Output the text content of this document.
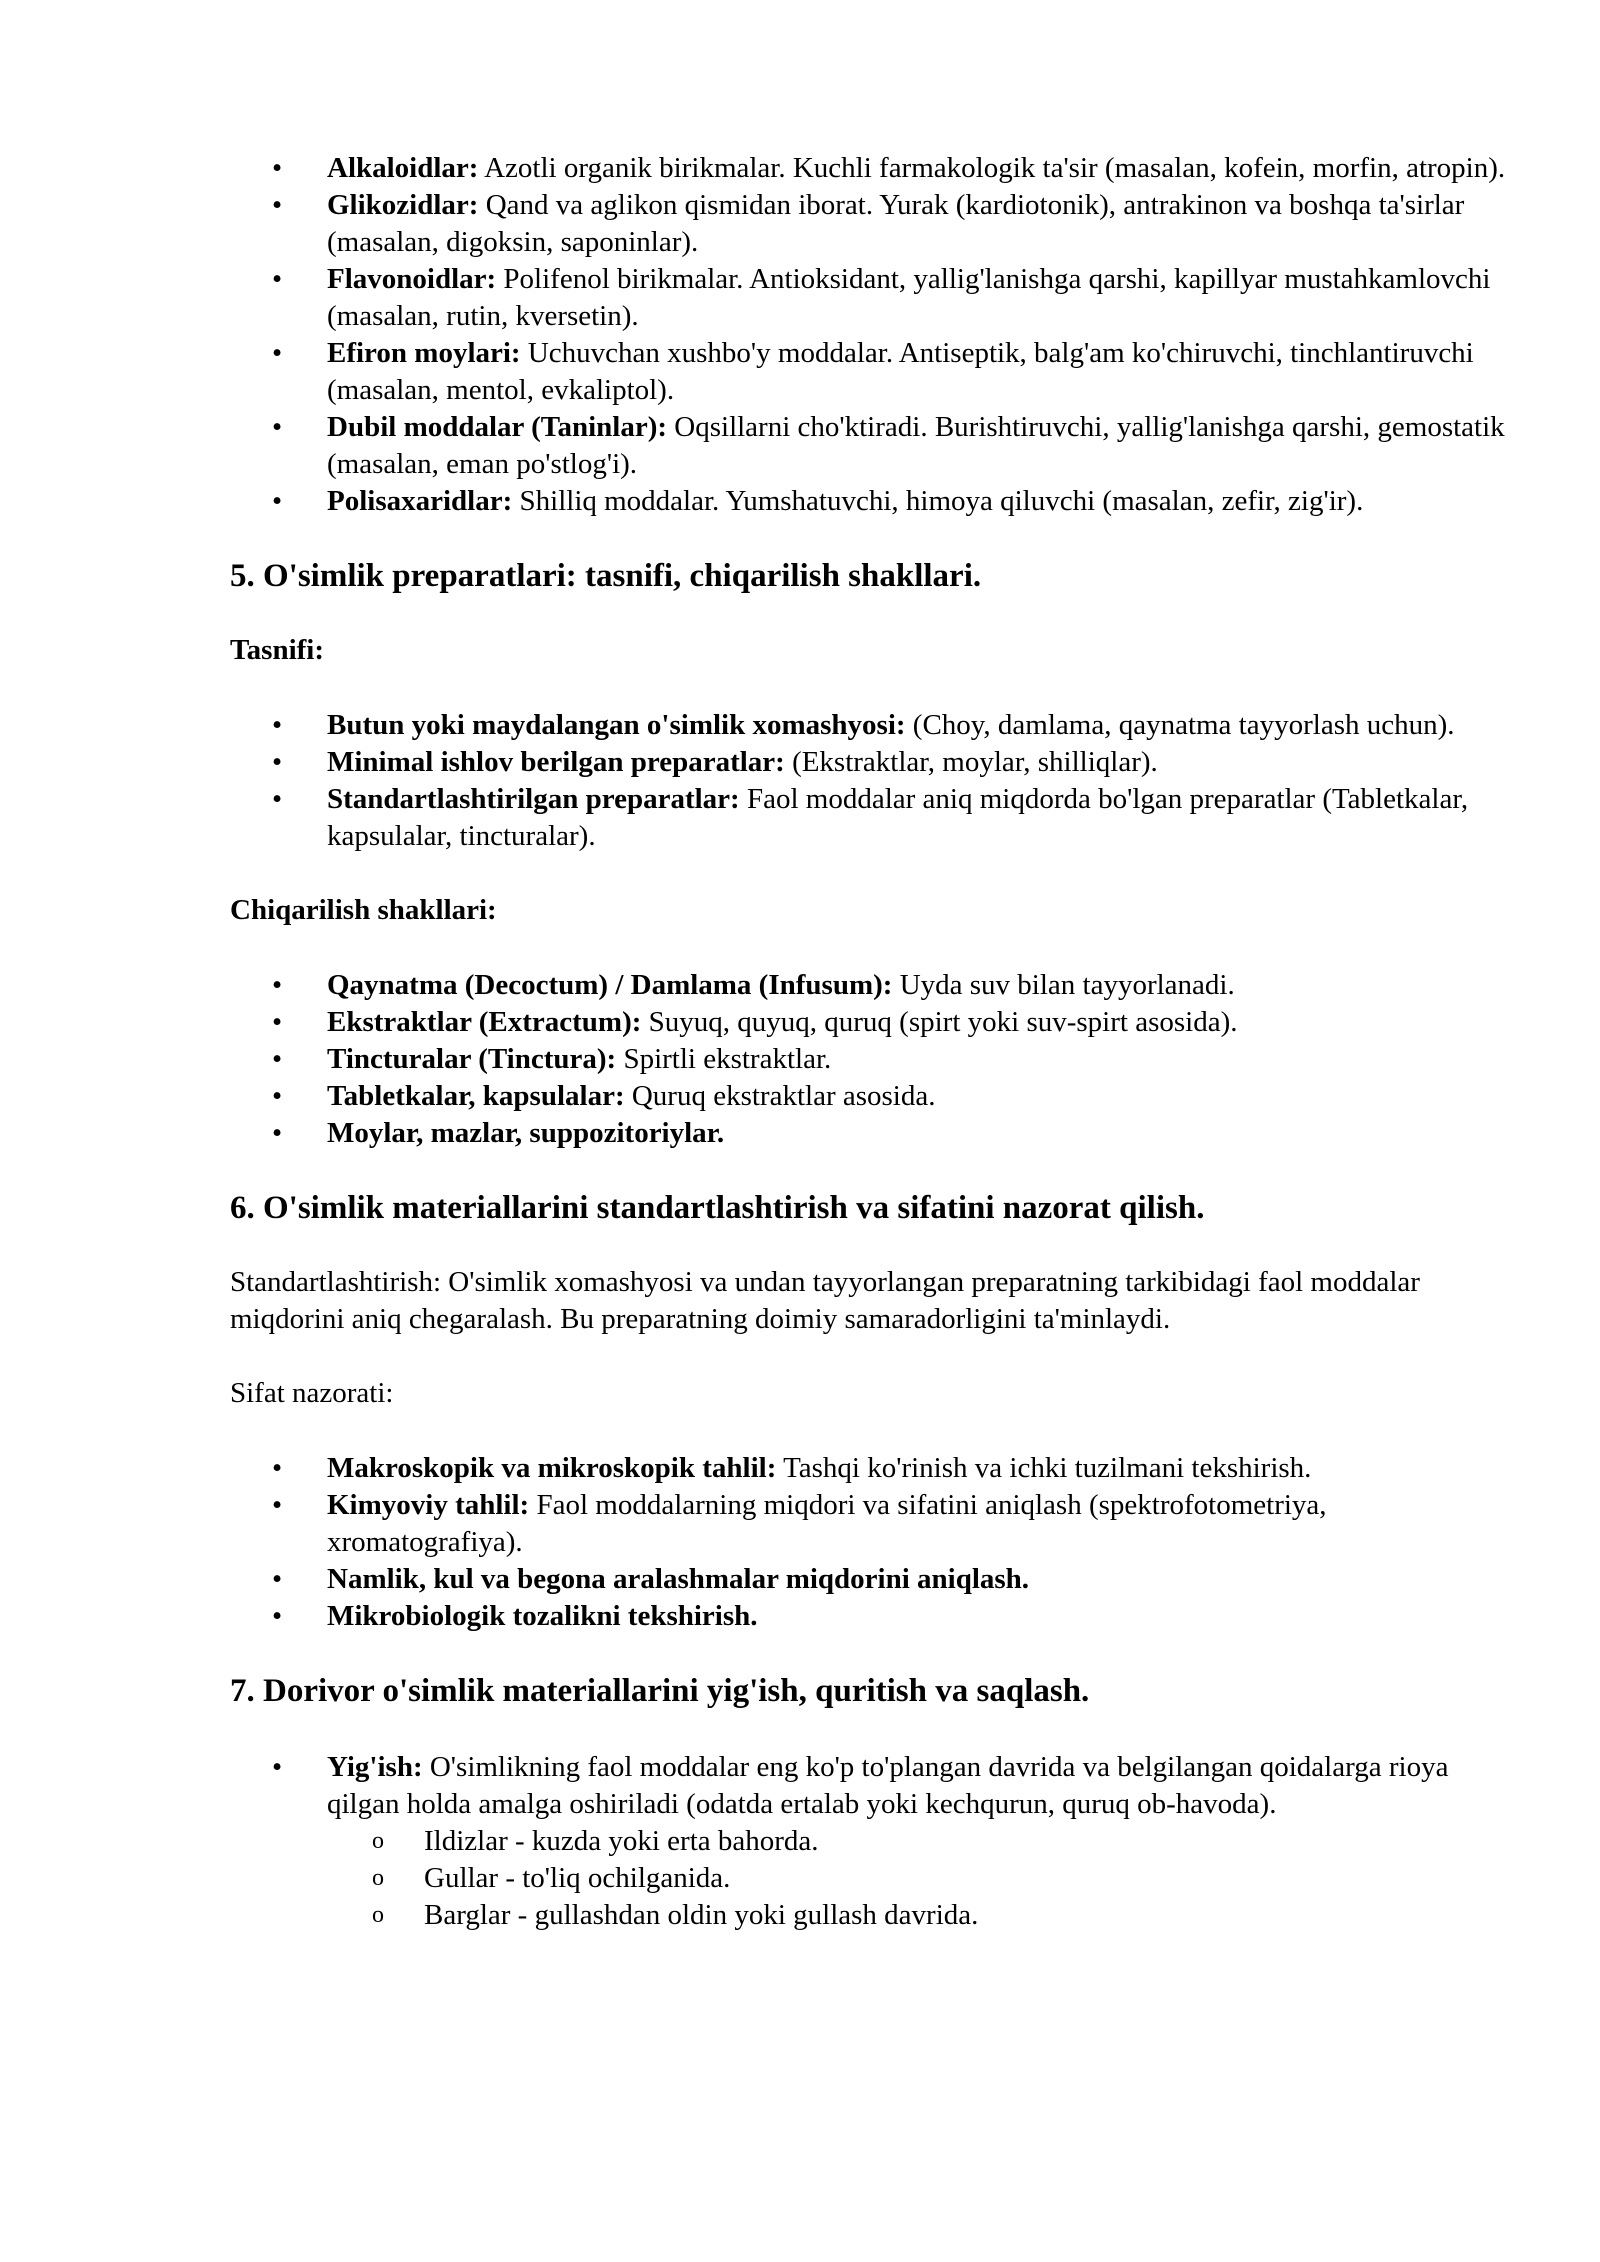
• Alkaloidlar: Azotli organik birikmalar. Kuchli farmakologik ta'sir (masalan, kofein, morfin, atropin).
• Glikozidlar: Qand va aglikon qismidan iborat. Yurak (kardiotonik), antrakinon va boshqa ta'sirlar (masalan, digoksin, saponinlar).
• Flavonoidlar: Polifenol birikmalar. Antioksidant, yallig'lanishga qarshi, kapillyar mustahkamlovchi (masalan, rutin, kversetin).
• Efiron moylari: Uchuvchan xushbo'y moddalar. Antiseptik, balg'am ko'chiruvchi, tinchlantiruvchi (masalan, mentol, evkaliptol).
• Dubil moddalar (Taninlar): Oqsillarni cho'ktiradi. Burishtiruvchi, yallig'lanishga qarshi, gemostatik (masalan, eman po'stlog'i).
• Polisaxaridlar: Shilliq moddalar. Yumshatuvchi, himoya qiluvchi (masalan, zefir, zig'ir).
5. O'simlik preparatlari: tasnifi, chiqarilish shakllari.
Tasnifi:
• Butun yoki maydalangan o'simlik xomashyosi: (Choy, damlama, qaynatma tayyorlash uchun).
• Minimal ishlov berilgan preparatlar: (Ekstraktlar, moylar, shilliqlar).
• Standartlashtirilgan preparatlar: Faol moddalar aniq miqdorda bo'lgan preparatlar (Tabletkalar, kapsulalar, tincturalar).
Chiqarilish shakllari:
• Qaynatma (Decoctum) / Damlama (Infusum): Uyda suv bilan tayyorlanadi.
• Ekstraktlar (Extractum): Suyuq, quyuq, quruq (spirt yoki suv-spirt asosida).
• Tincturalar (Tinctura): Spirtli ekstraktlar.
• Tabletkalar, kapsulalar: Quruq ekstraktlar asosida.
• Moylar, mazlar, suppozitoriylar.
6. O'simlik materiallarini standartlashtirish va sifatini nazorat qilish.
Standartlashtirish: O'simlik xomashyosi va undan tayyorlangan preparatning tarkibidagi faol moddalar miqdorini aniq chegaralash. Bu preparatning doimiy samaradorligini ta'minlaydi.
Sifat nazorati:
• Makroskopik va mikroskopik tahlil: Tashqi ko'rinish va ichki tuzilmani tekshirish.
• Kimyoviy tahlil: Faol moddalarning miqdori va sifatini aniqlash (spektrofotometriya, xromatografiya).
• Namlik, kul va begona aralashmalar miqdorini aniqlash.
• Mikrobiologik tozalikni tekshirish.
7. Dorivor o'simlik materiallarini yig'ish, quritish va saqlash.
• Yig'ish: O'simlikning faol moddalar eng ko'p to'plangan davrida va belgilangan qoidalarga rioya qilgan holda amalga oshiriladi (odatda ertalab yoki kechqurun, quruq ob-havoda).
o Ildizlar - kuzda yoki erta bahorda.
o Gullar - to'liq ochilganida.
o Barglar - gullashdan oldin yoki gullash davrida.
